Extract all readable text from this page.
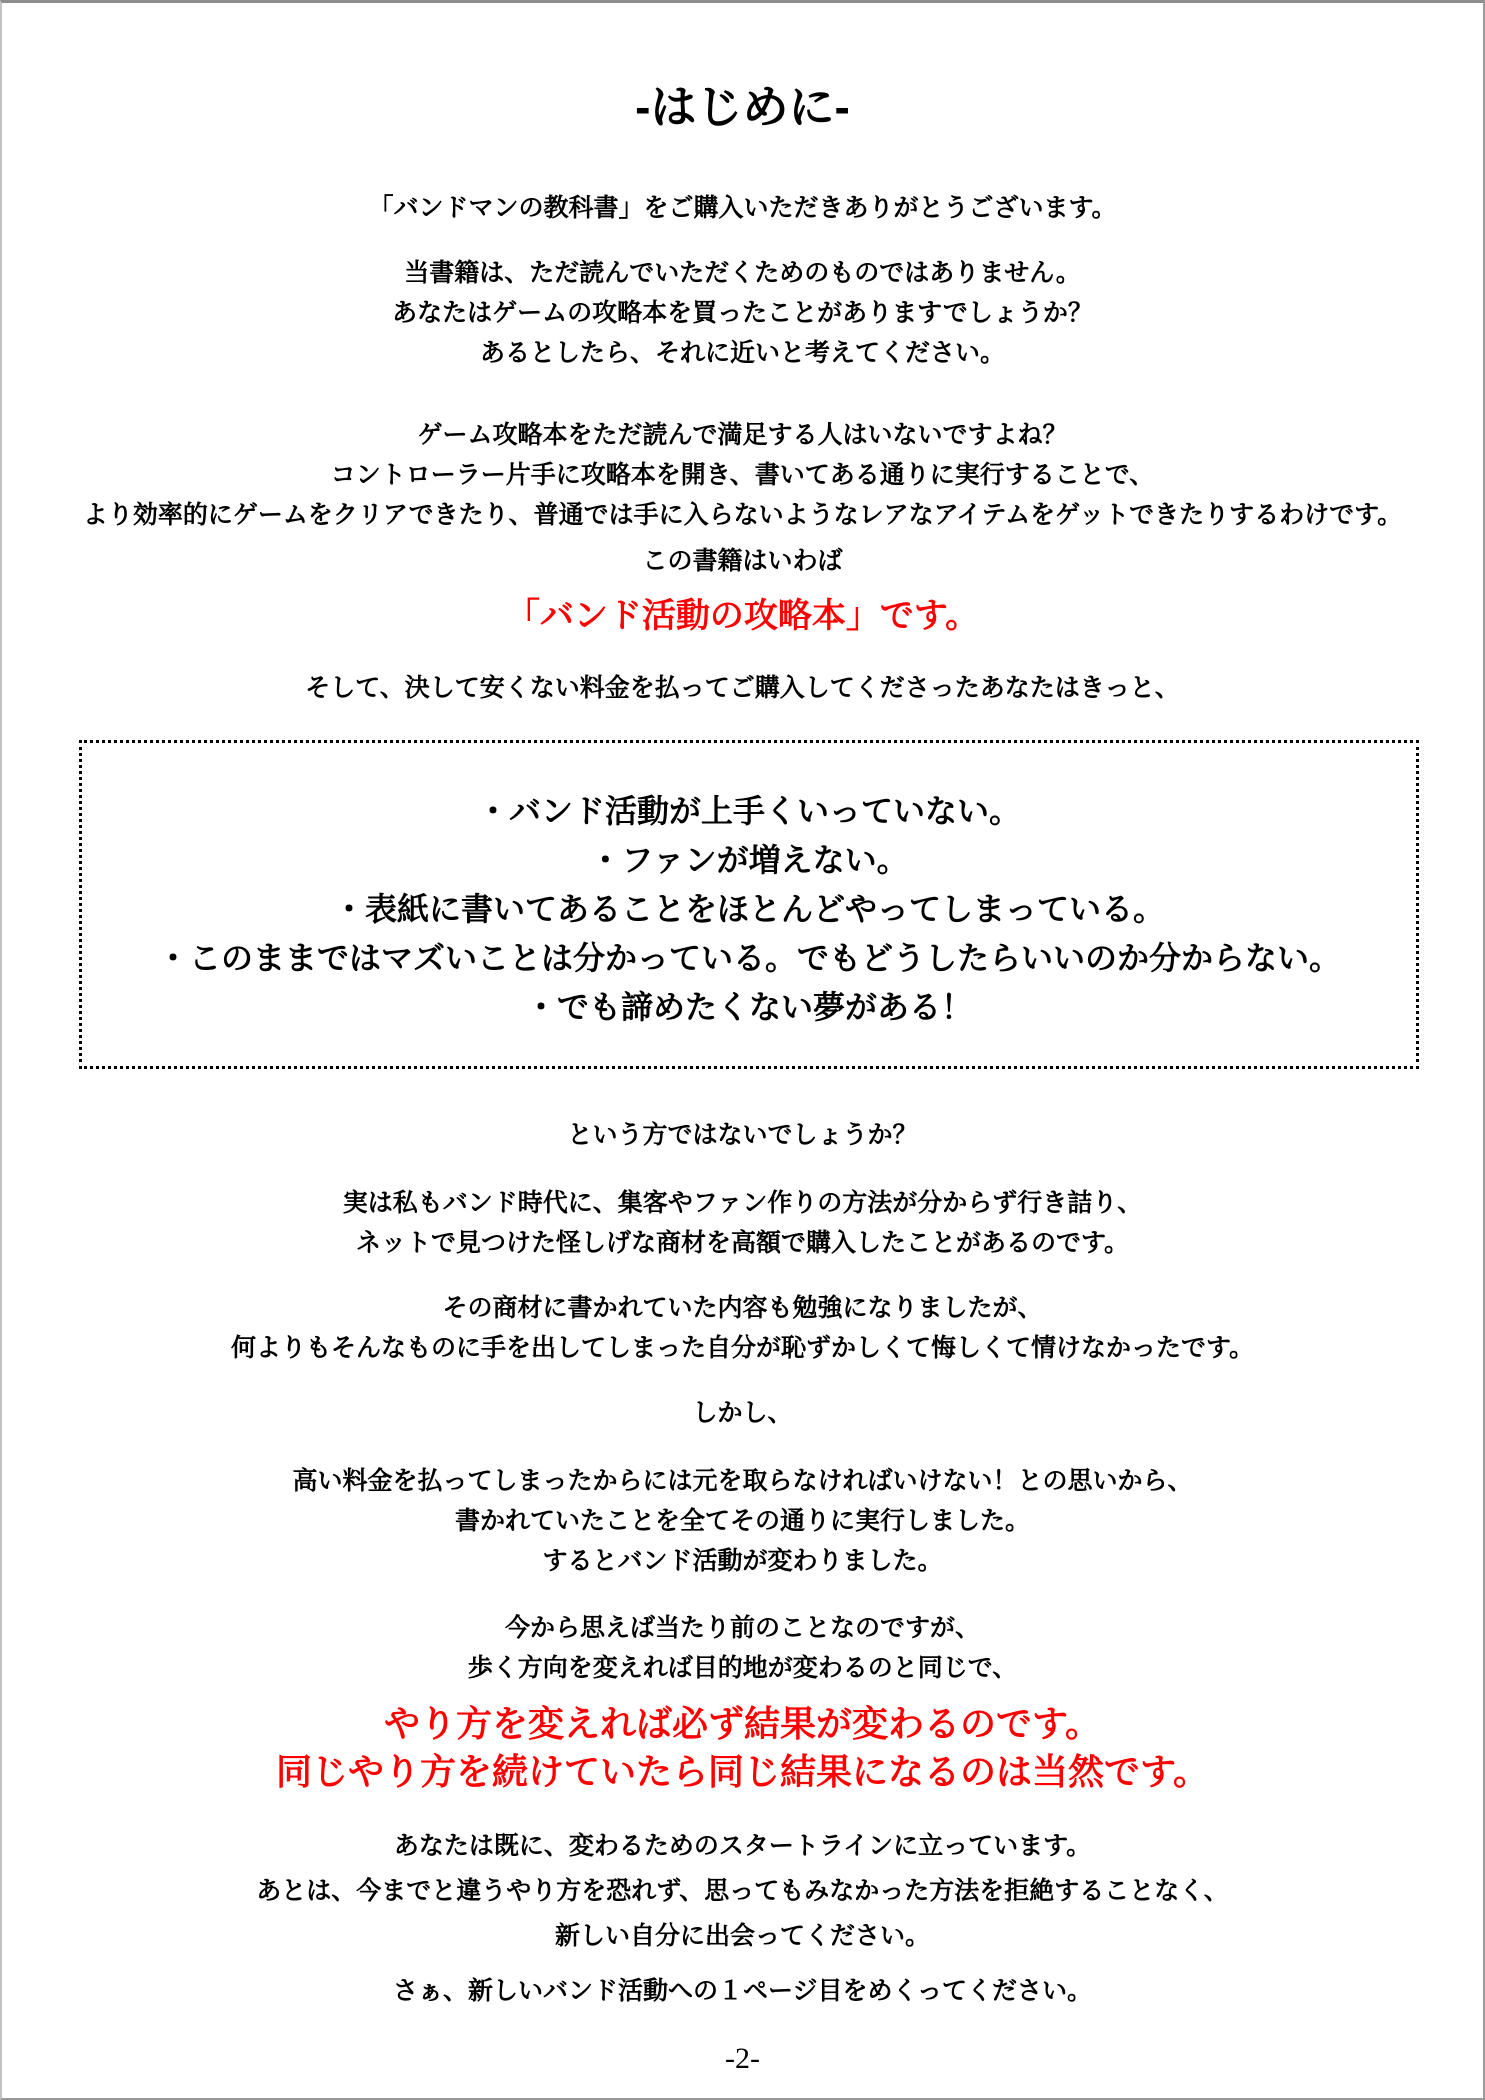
-はじめに-
「バンドマンの教科書」をご購入いただきありがとうございます。
当書籍は、ただ読んでいただくためのものではありません。
あなたはゲームの攻略本を買ったことがありますでしょうか？
あるとしたら、それに近いと考えてください。
ゲーム攻略本をただ読んで満足する人はいないですよね？
コントローラー片手に攻略本を開き、書いてある通りに実行することで、
より効率的にゲームをクリアできたり、普通では手に入らないようなレアなアイテムをゲットできたりするわけです。
この書籍はいわば
「バンド活動の攻略本」です。
そして、決して安くない料金を払ってご購入してくださったあなたはきっと、
・バンド活動が上手くいっていない。
・ファンが増えない。
・表紙に書いてあることをほとんどやってしまっている。
・このままではマズいことは分かっている。でもどうしたらいいのか分からない。
・でも諦めたくない夢がある！
という方ではないでしょうか？
実は私もバンド時代に、集客やファン作りの方法が分からず行き詰り、
ネットで見つけた怪しげな商材を高額で購入したことがあるのです。
その商材に書かれていた内容も勉強になりましたが、
何よりもそんなものに手を出してしまった自分が恥ずかしくて悔しくて情けなかったです。
しかし、
高い料金を払ってしまったからには元を取らなければいけない！との思いから、
書かれていたことを全てその通りに実行しました。
するとバンド活動が変わりました。
今から思えば当たり前のことなのですが、
歩く方向を変えれば目的地が変わるのと同じで、
やり方を変えれば必ず結果が変わるのです。
同じやり方を続けていたら同じ結果になるのは当然です。
あなたは既に、変わるためのスタートラインに立っています。
あとは、今までと違うやり方を恐れず、思ってもみなかった方法を拒絶することなく、
新しい自分に出会ってください。
さぁ、新しいバンド活動への１ページ目をめくってください。
-2-
